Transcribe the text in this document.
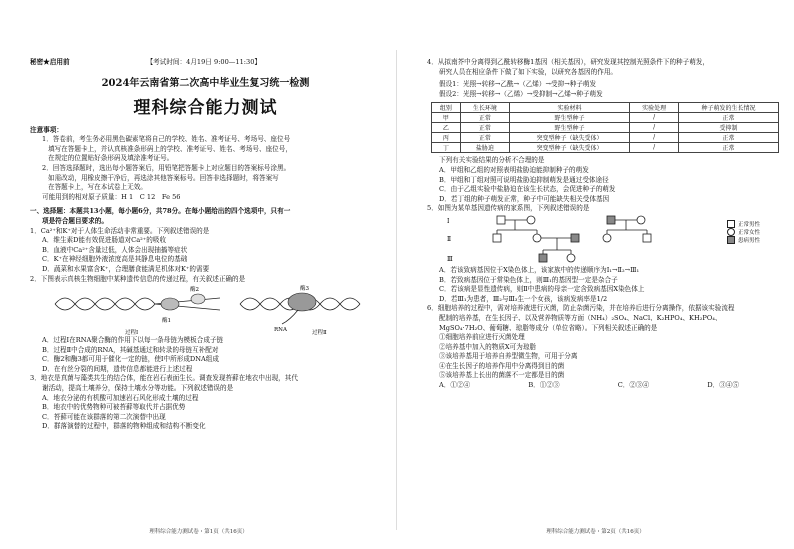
秘密★启用前	【考试时间：4月19日 9:00—11:30】
2024年云南省第二次高中毕业生复习统一检测
理科综合能力测试
注意事项：
1．答卷前，考生务必用黑色碳素笔将自己的学校、姓名、准考证号、考场号、座位号
填写在答题卡上，并认真核准条形码上的学校、准考证号、姓名、考场号、座位号，
在规定的位置贴好条形码及填涂准考证号。
2．回答选择题时，选出每小题答案后，用铅笔把答题卡上对应题目的答案标号涂黑。
如需改动，用橡皮擦干净后，再选涂其他答案标号。回答非选择题时，将答案写
在答题卡上，写在本试卷上无效。
可能用到的相对原子质量：H 1　C 12　Fe 56
一、选择题：本题共13小题，每小题6分，共78分。在每小题给出的四个选项中，只有一
项是符合题目要求的。
1．Ca²⁺和K⁺对于人体生命活动非常重要。下列叙述错误的是
A．维生素D能有效促进肠道对Ca²⁺的吸收
B．血液中Ca²⁺含量过低，人体会出现抽搐等症状
C．K⁺在神经细胞外液浓度高是其静息电位的基础
D．蔬菜和水果富含K⁺，合理膳食能满足机体对K⁺的需要
2．下图表示真核生物细胞中某种遗传信息的传递过程，有关叙述正确的是
酶1
酶2	酶3
RNA
过程Ⅰ	过程Ⅱ
A．过程Ⅰ在RNA聚合酶的作用下以每一条母链为模板合成子链
B．过程Ⅱ中合成的RNA，其碱基通过和转录的母链互补配对
C．酶2和酶3都可用于催化一定的链，使Ⅰ中所形成DNA组成
D．在有丝分裂的间期，遗传信息都能进行上述过程
3．地衣是真菌与藻类共生的结合体，能在岩石表面生长。调查发现苔藓在地衣中出现，其代
谢活动，提高土壤养分，保持土壤水分等功能。下列叙述错误的是
A．地衣分泌的有机酸可加速岩石风化形成土壤的过程
B．地衣中的优势物种可被苔藓等取代并占据优势
C．苔藓可能在该群落的第二次演替中出现
D．群落演替的过程中，群落的物种组成和结构不断变化
理科综合能力测试卷・第1页（共16页）
4．从拟南芥中分离得到乙酰转移酶1基因（相关基因），研究发现其控制光照条件下的种子萌发，
研究人员在相应条件下做了如下实验，以研究各基因的作用。
假设1：光照→转移→乙酰→（乙烯）→受抑→种子萌发
假设2：光照→转移→（乙烯）→受抑制→乙烯→种子萌发
组别	生长环境	实验材料	实验处理	种子萌发的生长情况
甲	正常	野生型种子	/	正常
乙	正常	野生型种子	/	受抑制
丙	正常	突变型种子（缺失受体）	/	正常
丁	盐胁迫	突变型种子（缺失受体）	/	正常
下列有关实验结果的分析不合理的是
A．甲组和乙组的对照表明盐胁迫能抑制种子的萌发
B．甲组和丁组对照可说明盐胁迫抑制萌发是通过受体途径
C．由于乙组实验中盐胁迫在该生长状态，会促进种子的萌发
D．若丁组的种子萌发正常，种子中可能缺失相关受体基因
5．如图为某单基因遗传病的家系图，下列叙述错误的是
Ⅰ
Ⅱ
Ⅲ
正常男性
正常女性
患病男性
A．若该致病基因位于X染色体上，该家族中的传递顺序为Ⅰ₁→Ⅱ₂→Ⅲ₁
B．若致病基因位于常染色体上，则Ⅲ₁的基因型一定是杂合子
C．若该病是显性遗传病，则Ⅱ中患病的母亲一定含致病基因X染色体上
D．若Ⅲ₁为患者，Ⅲ₂与Ⅲ₃生一个女孩，该病发病率是1/2
6．细胞培养的过程中，需对培养液进行灭菌，防止杂菌污染，并在培养后进行分离操作，依据该实验流程
配制的培养基，在生长因子、以及营养物质等方面（NH₄）₂SO₄、NaCl、K₂HPO₄、KH₂PO₄、
MgSO₄·7H₂O、葡萄糖、琼脂等成分（单位省略）。下列相关叙述正确的是
①细胞培养前应进行灭菌处理
②培养基中加入的物质X可为琼脂
③该培养基用于培养自养型微生物，可用于分离
④在生长因子的培养作用中分离得到目的菌
⑤该培养基上长出的菌落不一定都是目的菌
A．①②④	B．①②③	C．②③④	D．③④⑤
理科综合能力测试卷・第2页（共16页）
